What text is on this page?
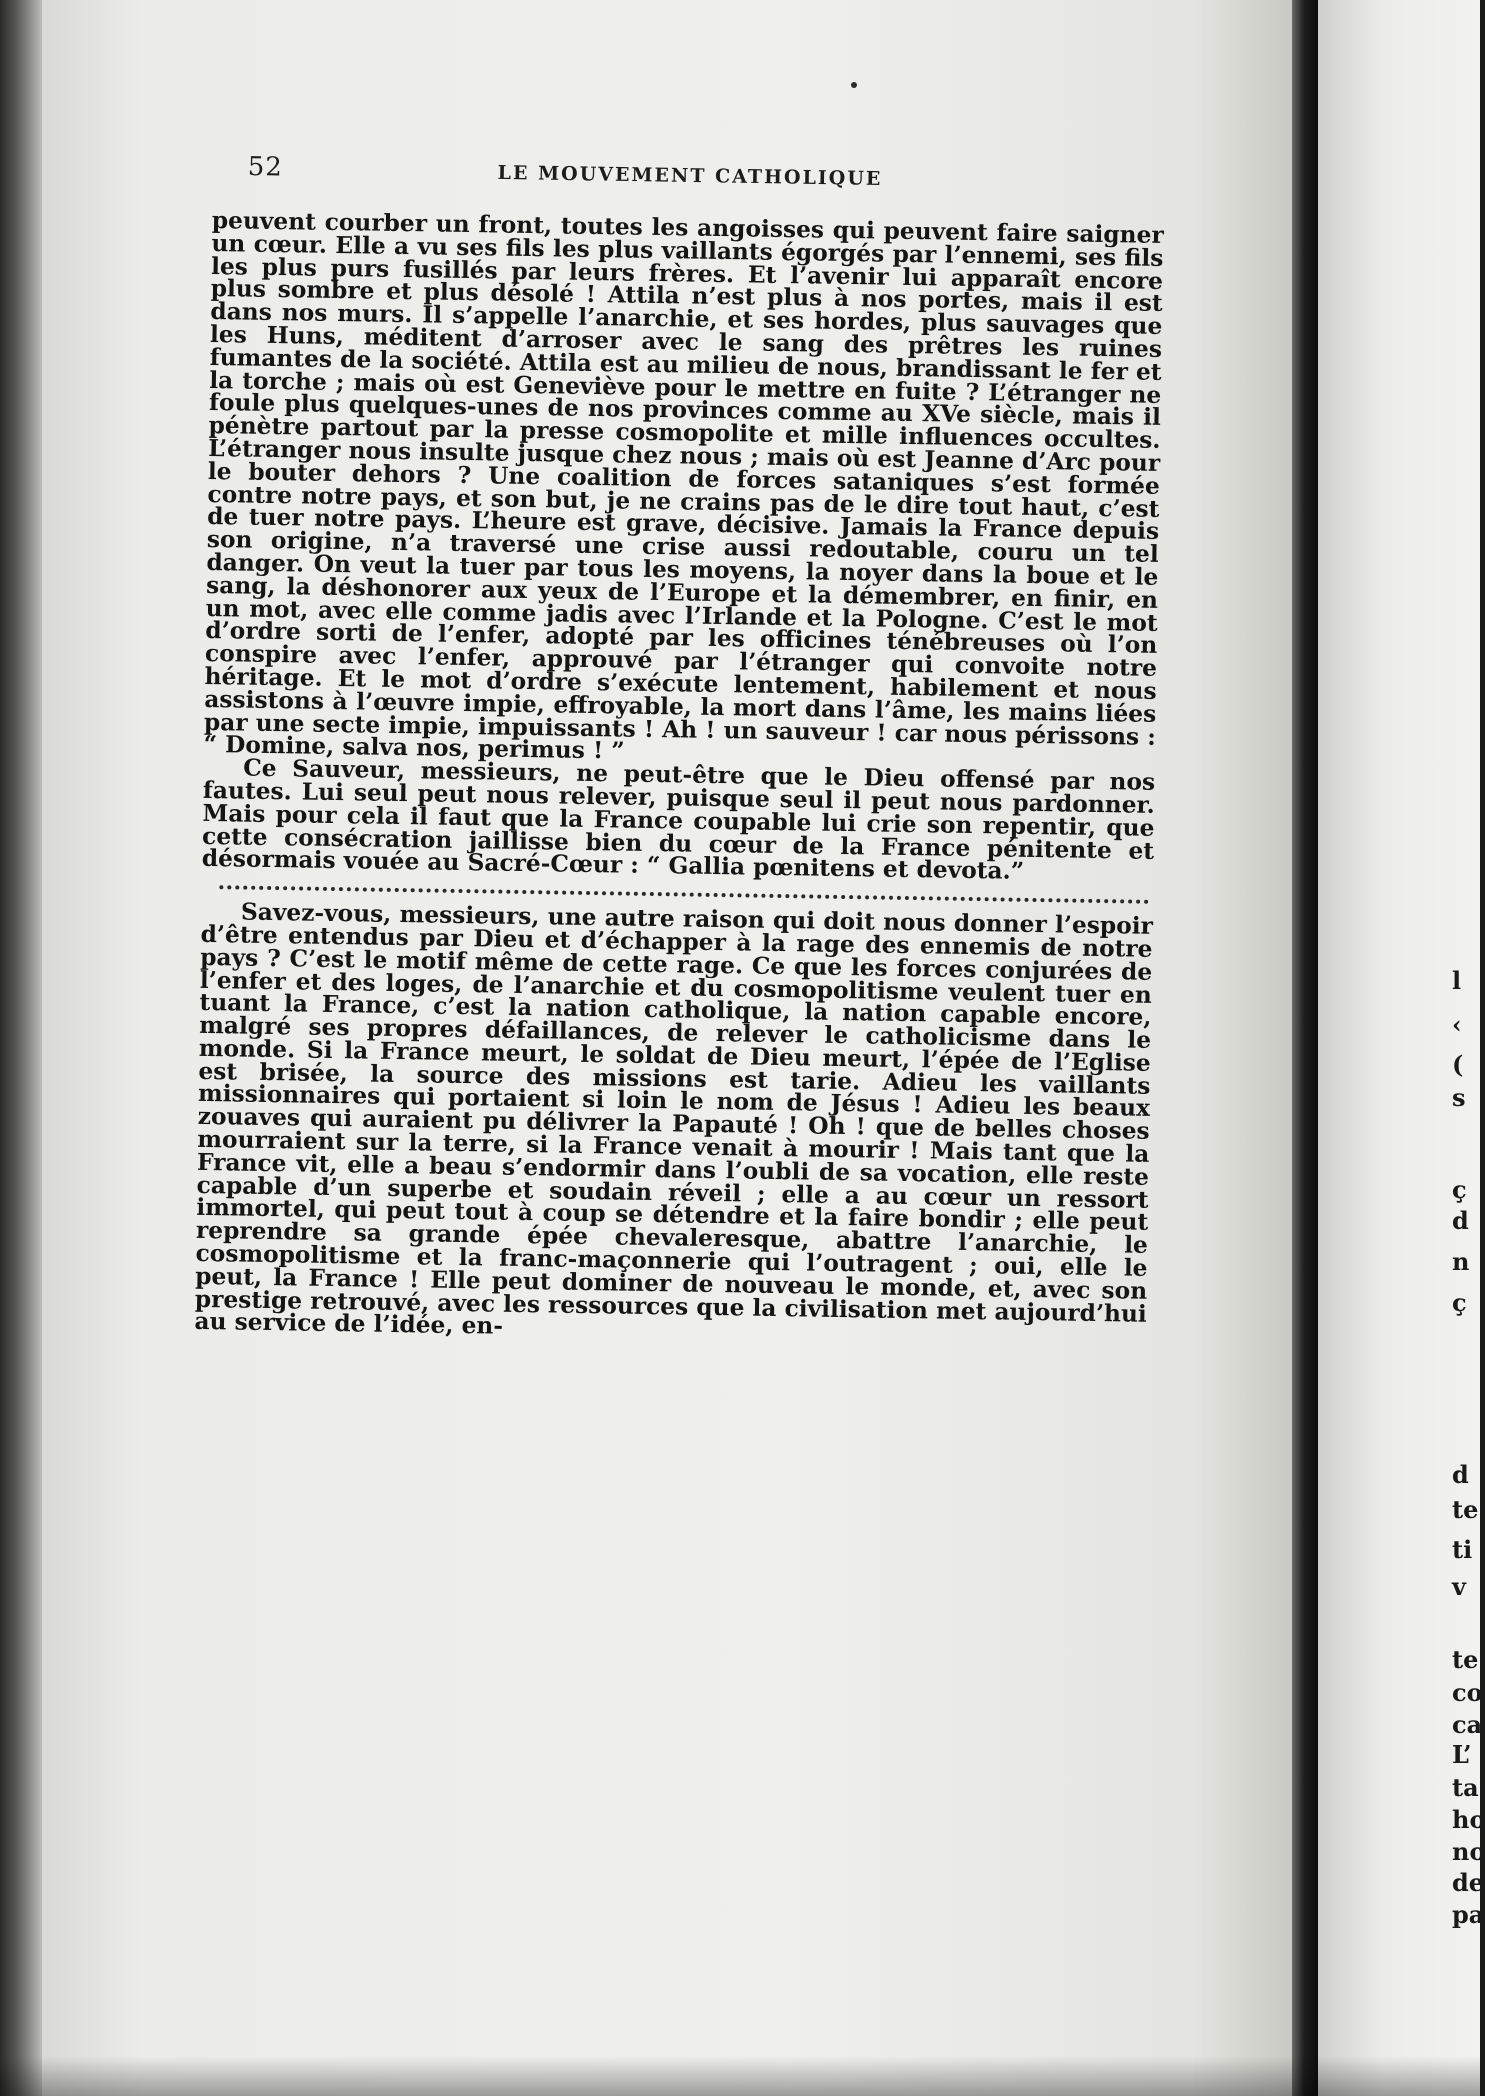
52	LE MOUVEMENT CATHOLIQUE

peuvent courber un front, toutes les angoisses qui peuvent faire saigner un cœur. Elle a vu ses fils les plus vaillants égorgés par l’ennemi, ses fils les plus purs fusillés par leurs frères. Et l’avenir lui apparaît encore plus sombre et plus désolé ! Attila n’est plus à nos portes, mais il est dans nos murs. Il s’appelle l’anarchie, et ses hordes, plus sauvages que les Huns, méditent d’arroser avec le sang des prêtres les ruines fumantes de la société. Attila est au milieu de nous, brandissant le fer et la torche ; mais où est Geneviève pour le mettre en fuite ? L’étranger ne foule plus quelques-unes de nos provinces comme au XVe siècle, mais il pénètre partout par la presse cosmopolite et mille influences occultes. L’étranger nous insulte jusque chez nous ; mais où est Jeanne d’Arc pour le bouter dehors ? Une coalition de forces sataniques s’est formée contre notre pays, et son but, je ne crains pas de le dire tout haut, c’est de tuer notre pays. L’heure est grave, décisive. Jamais la France depuis son origine, n’a traversé une crise aussi redoutable, couru un tel danger. On veut la tuer par tous les moyens, la noyer dans la boue et le sang, la déshonorer aux yeux de l’Europe et la démembrer, en finir, en un mot, avec elle comme jadis avec l’Irlande et la Pologne. C’est le mot d’ordre sorti de l’enfer, adopté par les officines ténébreuses où l’on conspire avec l’enfer, approuvé par l’étranger qui convoite notre héritage. Et le mot d’ordre s’exécute lentement, habilement et nous assistons à l’œuvre impie, effroyable, la mort dans l’âme, les mains liées par une secte impie, impuissants ! Ah ! un sauveur ! car nous périssons : “ Domine, salva nos, perimus ! ”

Ce Sauveur, messieurs, ne peut-être que le Dieu offensé par nos fautes. Lui seul peut nous relever, puisque seul il peut nous pardonner. Mais pour cela il faut que la France coupable lui crie son repentir, que cette consécration jaillisse bien du cœur de la France pénitente et désormais vouée au Sacré-Cœur : “ Gallia pœnitens et devota.”

Savez-vous, messieurs, une autre raison qui doit nous donner l’espoir d’être entendus par Dieu et d’échapper à la rage des ennemis de notre pays ? C’est le motif même de cette rage. Ce que les forces conjurées de l’enfer et des loges, de l’anarchie et du cosmopolitisme veulent tuer en tuant la France, c’est la nation catholique, la nation capable encore, malgré ses propres défaillances, de relever le catholicisme dans le monde. Si la France meurt, le soldat de Dieu meurt, l’épée de l’Eglise est brisée, la source des missions est tarie. Adieu les vaillants missionnaires qui portaient si loin le nom de Jésus ! Adieu les beaux zouaves qui auraient pu délivrer la Papauté ! Oh ! que de belles choses mourraient sur la terre, si la France venait à mourir ! Mais tant que la France vit, elle a beau s’endormir dans l’oubli de sa vocation, elle reste capable d’un superbe et soudain réveil ; elle a au cœur un ressort immortel, qui peut tout à coup se détendre et la faire bondir ; elle peut reprendre sa grande épée chevaleresque, abattre l’anarchie, le cosmopolitisme et la franc-maçonnerie qui l’outragent ; oui, elle le peut, la France ! Elle peut dominer de nouveau le monde, et, avec son prestige retrouvé, avec les ressources que la civilisation met aujourd’hui au service de l’idée, en-

l
‹
(
s
ç
d
n
ç
d
te
ti
v
te
co
ca
L’
ta
ho
no
de
pa
